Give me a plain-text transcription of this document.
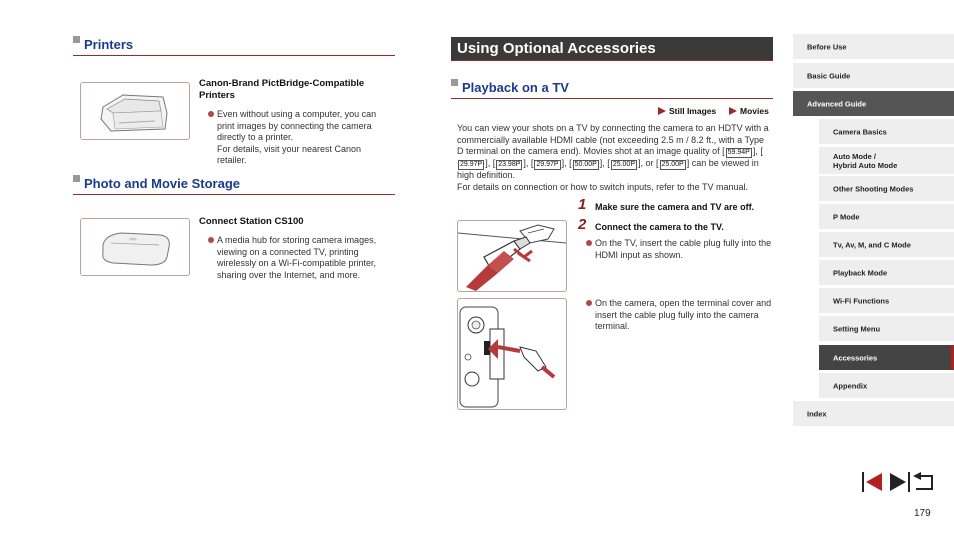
Printers
Canon-Brand PictBridge-Compatible Printers
Even without using a computer, you can print images by connecting the camera directly to a printer.
For details, visit your nearest Canon retailer.
Photo and Movie Storage
Connect Station CS100
A media hub for storing camera images, viewing on a connected TV, printing wirelessly on a Wi-Fi-compatible printer, sharing over the Internet, and more.
Using Optional Accessories
Playback on a TV
Still Images	Movies
You can view your shots on a TV by connecting the camera to an HDTV with a commercially available HDMI cable (not exceeding 2.5 m / 8.2 ft., with a Type D terminal on the camera end). Movies shot at an image quality of [ 59.94P ], [29.97P ], [ 23.98P ], [ 29.97P ], [ 50.00P ], [ 25.00P ], or [ 25.00P ] can be viewed in high definition.
For details on connection or how to switch inputs, refer to the TV manual.
1 Make sure the camera and TV are off.
2 Connect the camera to the TV.
On the TV, insert the cable plug fully into the HDMI input as shown.
On the camera, open the terminal cover and insert the cable plug fully into the camera terminal.
Before Use
Basic Guide
Advanced Guide
Camera Basics
Auto Mode /
Hybrid Auto Mode
Other Shooting Modes
P Mode
Tv, Av, M, and C Mode
Playback Mode
Wi-Fi Functions
Setting Menu
Accessories
Appendix
Index
179
